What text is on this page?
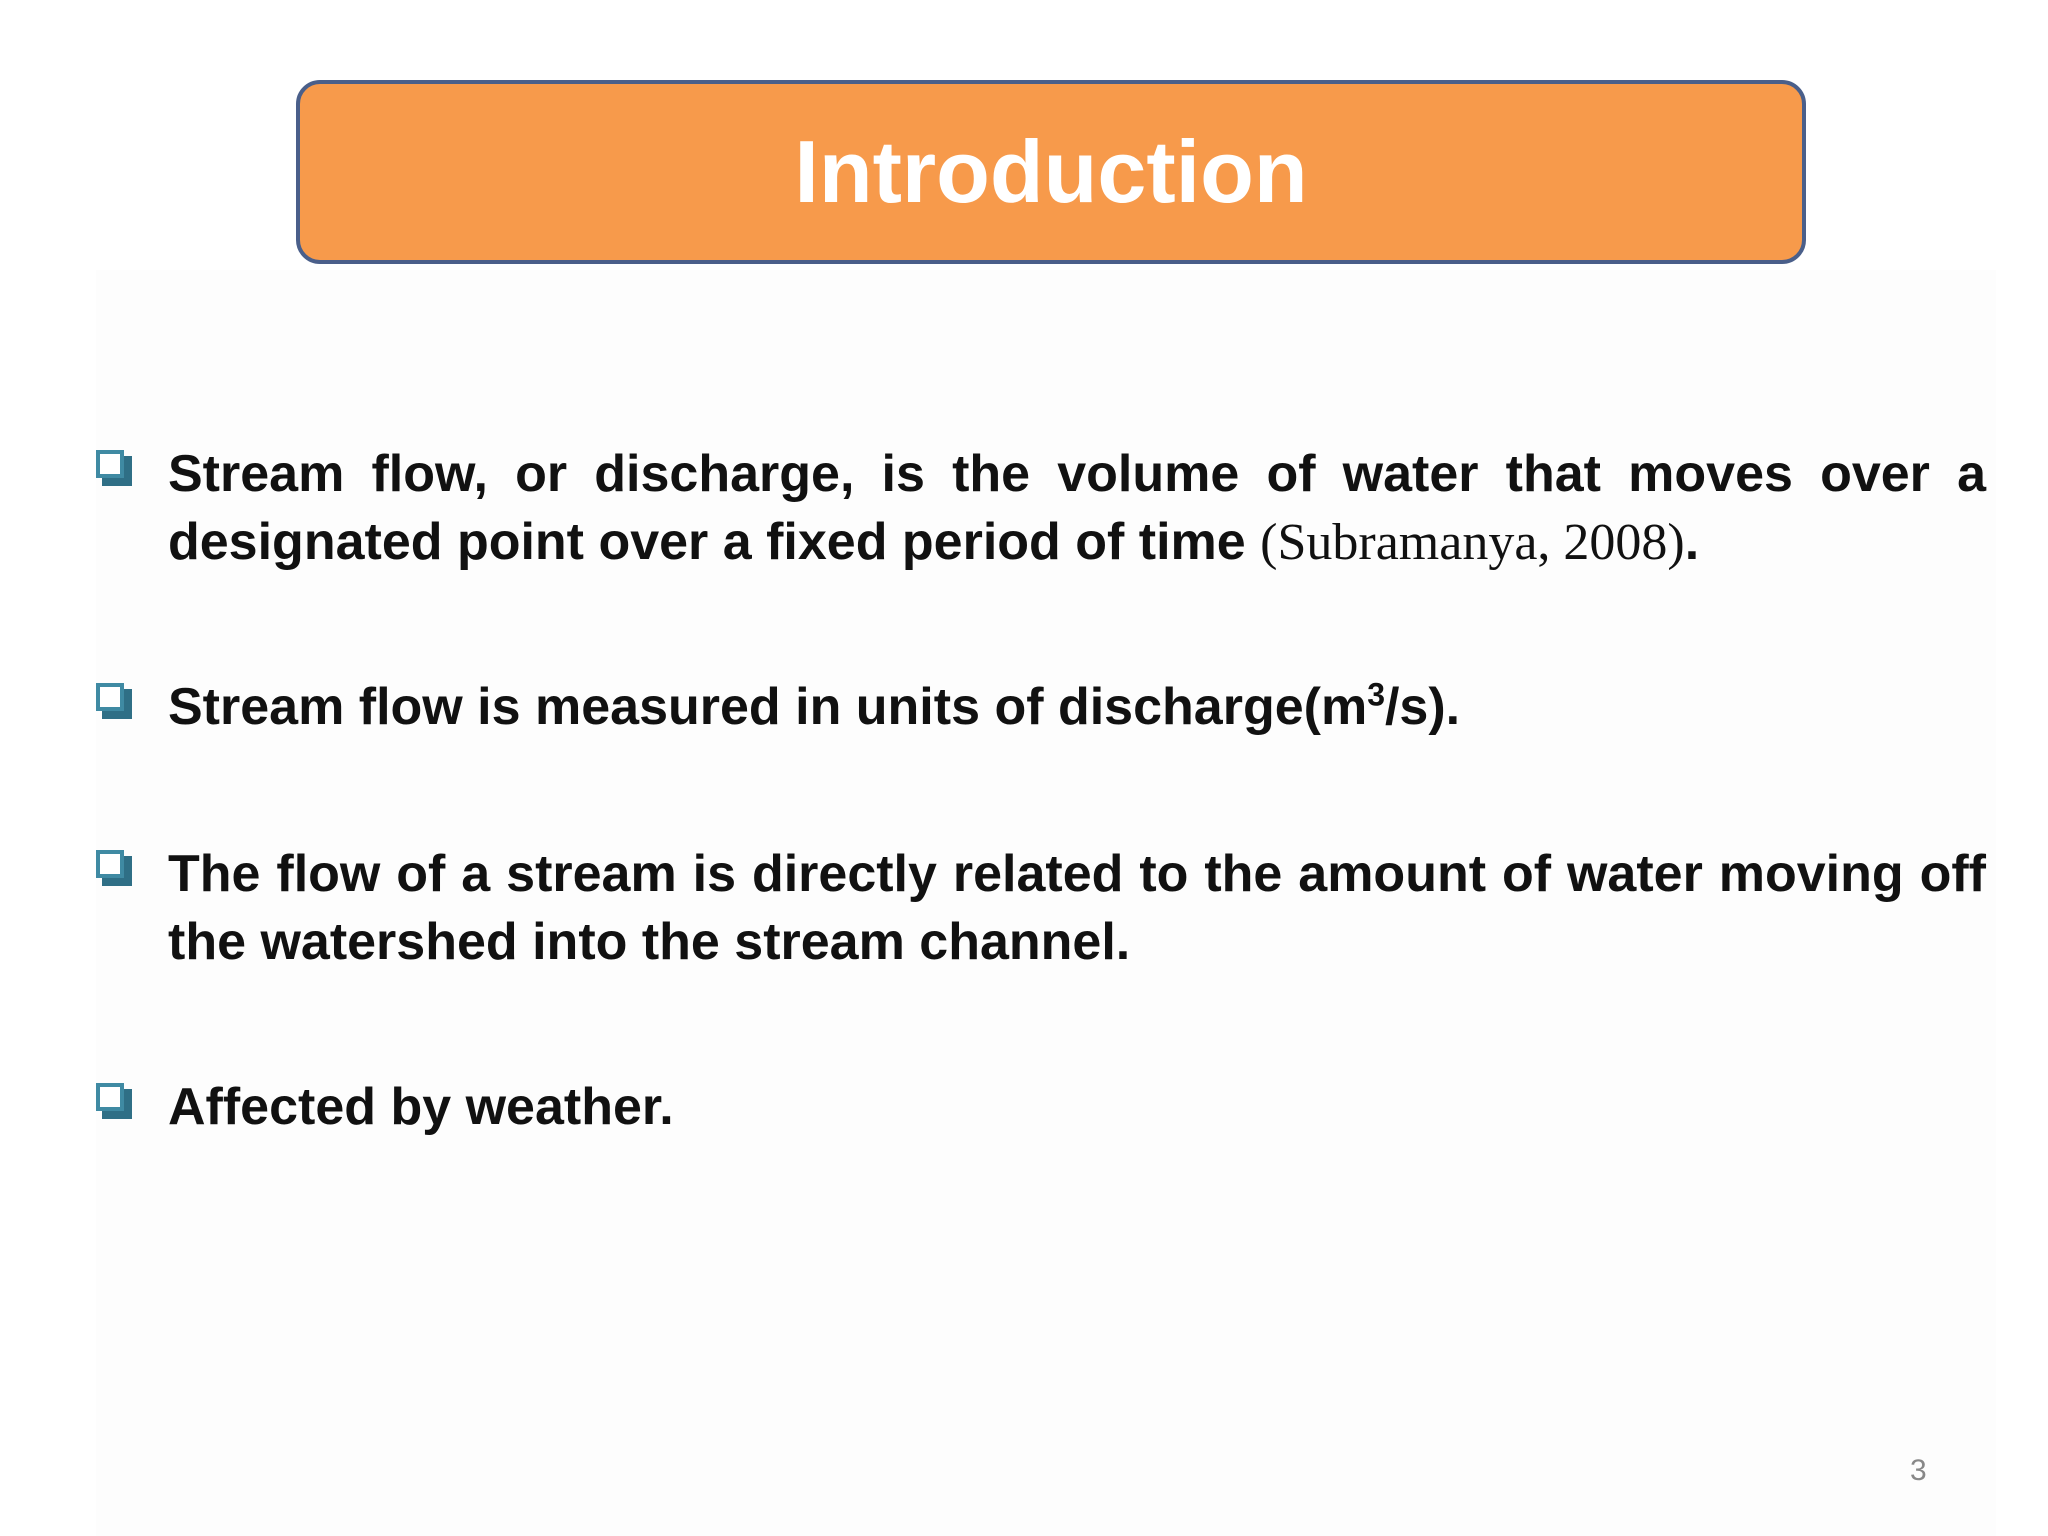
Introduction
Stream flow, or discharge, is the volume of water that moves over a designated point over a fixed period of time (Subramanya, 2008).
Stream flow is measured in units of $discharge(m^3/s)$.
The flow of a stream is directly related to the amount of water moving off the watershed into the stream channel.
Affected by weather.
3
